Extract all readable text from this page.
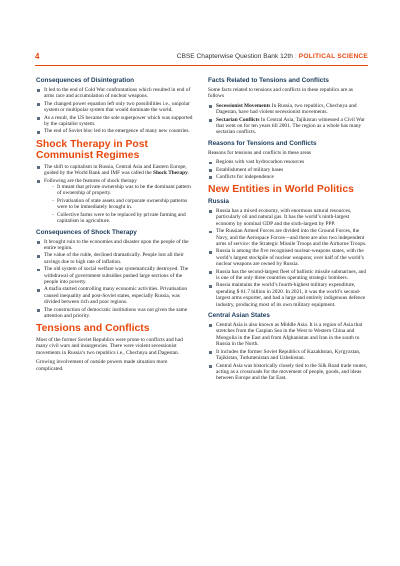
4	CBSE Chapterwise Question Bank 12th : POLITICAL SCIENCE
Consequences of Disintegration
It led to the end of Cold War confrontations which resulted in end of arms race and accumulation of nuclear weapons.
The changed power equation left only two possibilities i.e., unipolar system or multipolar system that would dominate the world.
As a result, the US became the sole superpower which was supported by the capitalist system.
The end of Soviet bloc led to the emergence of many new countries.
Shock Therapy in Post Communist Regimes
The shift to capitalism in Russia, Central Asia and Eastern Europe, guided by the World Bank and IMF was called the Shock Therapy.
Following are the features of shock therapy
- It meant that private ownership was to be the dominant pattern of ownership of property.
- Privatisation of state assets and corporate ownership patterns were to be immediately brought in.
- Collective farms were to be replaced by private farming and capitalism in agriculture.
Consequences of Shock Therapy
It brought ruin to the economies and disaster upon the people of the entire region.
The value of the ruble, declined dramatically. People lost all their savings due to high rate of inflation.
The old system of social welfare was systematically destroyed. The withdrawal of government subsidies pushed large sections of the people into poverty.
A mafia started controlling many economic activities. Privatisation caused inequality and post-Soviet states, especially Russia, was divided between rich and poor regions.
The construction of democratic institutions was not given the same attention and priority.
Tensions and Conflicts

Most of the former Soviet Republics were prone to conflicts and had many civil wars and insurgencies. There were violent secessionist movements in Russia’s two republics i.e., Chechnya and Dagestan.

Growing involvement of outside powers made situation more complicated.

Facts Related to Tensions and Conflicts

Some facts related to tensions and conflicts in these republics are as follows

Secessionist Movements In Russia, two republics, Chechnya and Dagestan, have had violent secessionist movements.
Sectarian Conflicts In Central Asia, Tajikistan witnessed a Civil War that went on for ten years till 2001. The region as a whole has many sectarian conflicts.
Reasons for Tensions and Conflicts

Reasons for tensions and conflicts in these areas

Regions with vast hydrocarbon resources
Establishment of military bases
Conflicts for independence
New Entities in World Politics
Russia
Russia has a mixed economy, with enormous natural resources, particularly oil and natural gas. It has the world’s ninth-largest economy by nominal GDP and the sixth-largest by PPP.
The Russian Armed Forces are divided into the Ground Forces, the Navy, and the Aerospace Forces—and there are also two independent arms of service: the Strategic Missile Troops and the Airborne Troops.
Russia is among the five recognised nuclear-weapons states, with the world’s largest stockpile of nuclear weapons; over half of the world’s nuclear weapons are owned by Russia.
Russia has the second-largest fleet of ballistic missile submarines, and is one of the only three countries operating strategic bombers.
Russia maintains the world’s fourth-highest military expenditure, spending $ 61.7 billion in 2020. In 2021, it was the world’s second-largest arms exporter, and had a large and entirely indigenous defence industry, producing most of its own military equipment.
Central Asian States
Central Asia is also known as Middle Asia. It is a region of Asia that stretches from the Caspian Sea in the West to Western China and Mongolia in the East and from Afghanistan and Iran in the south to Russia in the North.
It includes the former Soviet Republics of Kazakhstan, Kyrgyzstan, Tajikistan, Turkmenistan and Uzbekistan.
Central Asia was historically closely tied to the Silk Road trade routes, acting as a crossroads for the movement of people, goods, and ideas between Europe and the far East.
